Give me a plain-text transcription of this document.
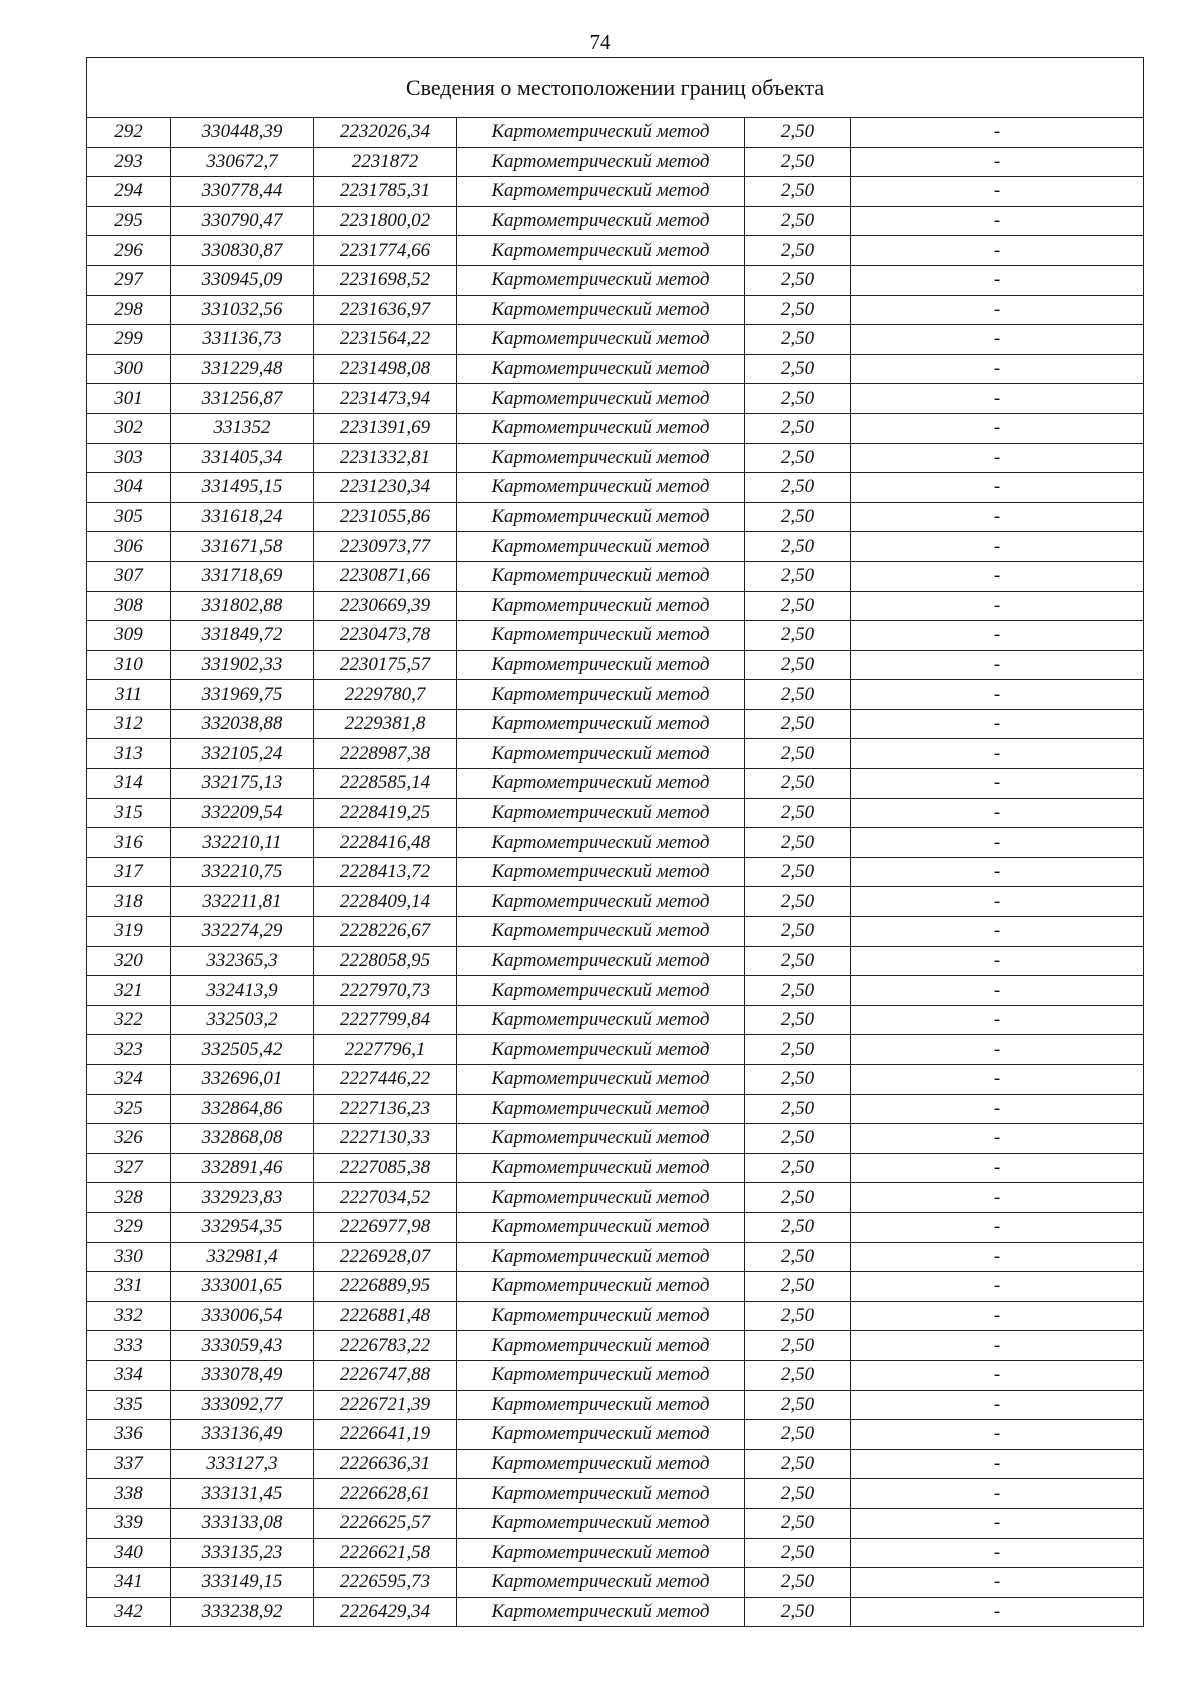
74
Сведения о местоположении границ объекта					
292	330448,39	2232026,34	Картометрический метод	2,50	-
293	330672,7	2231872	Картометрический метод	2,50	-
294	330778,44	2231785,31	Картометрический метод	2,50	-
295	330790,47	2231800,02	Картометрический метод	2,50	-
296	330830,87	2231774,66	Картометрический метод	2,50	-
297	330945,09	2231698,52	Картометрический метод	2,50	-
298	331032,56	2231636,97	Картометрический метод	2,50	-
299	331136,73	2231564,22	Картометрический метод	2,50	-
300	331229,48	2231498,08	Картометрический метод	2,50	-
301	331256,87	2231473,94	Картометрический метод	2,50	-
302	331352	2231391,69	Картометрический метод	2,50	-
303	331405,34	2231332,81	Картометрический метод	2,50	-
304	331495,15	2231230,34	Картометрический метод	2,50	-
305	331618,24	2231055,86	Картометрический метод	2,50	-
306	331671,58	2230973,77	Картометрический метод	2,50	-
307	331718,69	2230871,66	Картометрический метод	2,50	-
308	331802,88	2230669,39	Картометрический метод	2,50	-
309	331849,72	2230473,78	Картометрический метод	2,50	-
310	331902,33	2230175,57	Картометрический метод	2,50	-
311	331969,75	2229780,7	Картометрический метод	2,50	-
312	332038,88	2229381,8	Картометрический метод	2,50	-
313	332105,24	2228987,38	Картометрический метод	2,50	-
314	332175,13	2228585,14	Картометрический метод	2,50	-
315	332209,54	2228419,25	Картометрический метод	2,50	-
316	332210,11	2228416,48	Картометрический метод	2,50	-
317	332210,75	2228413,72	Картометрический метод	2,50	-
318	332211,81	2228409,14	Картометрический метод	2,50	-
319	332274,29	2228226,67	Картометрический метод	2,50	-
320	332365,3	2228058,95	Картометрический метод	2,50	-
321	332413,9	2227970,73	Картометрический метод	2,50	-
322	332503,2	2227799,84	Картометрический метод	2,50	-
323	332505,42	2227796,1	Картометрический метод	2,50	-
324	332696,01	2227446,22	Картометрический метод	2,50	-
325	332864,86	2227136,23	Картометрический метод	2,50	-
326	332868,08	2227130,33	Картометрический метод	2,50	-
327	332891,46	2227085,38	Картометрический метод	2,50	-
328	332923,83	2227034,52	Картометрический метод	2,50	-
329	332954,35	2226977,98	Картометрический метод	2,50	-
330	332981,4	2226928,07	Картометрический метод	2,50	-
331	333001,65	2226889,95	Картометрический метод	2,50	-
332	333006,54	2226881,48	Картометрический метод	2,50	-
333	333059,43	2226783,22	Картометрический метод	2,50	-
334	333078,49	2226747,88	Картометрический метод	2,50	-
335	333092,77	2226721,39	Картометрический метод	2,50	-
336	333136,49	2226641,19	Картометрический метод	2,50	-
337	333127,3	2226636,31	Картометрический метод	2,50	-
338	333131,45	2226628,61	Картометрический метод	2,50	-
339	333133,08	2226625,57	Картометрический метод	2,50	-
340	333135,23	2226621,58	Картометрический метод	2,50	-
341	333149,15	2226595,73	Картометрический метод	2,50	-
342	333238,92	2226429,34	Картометрический метод	2,50	-
